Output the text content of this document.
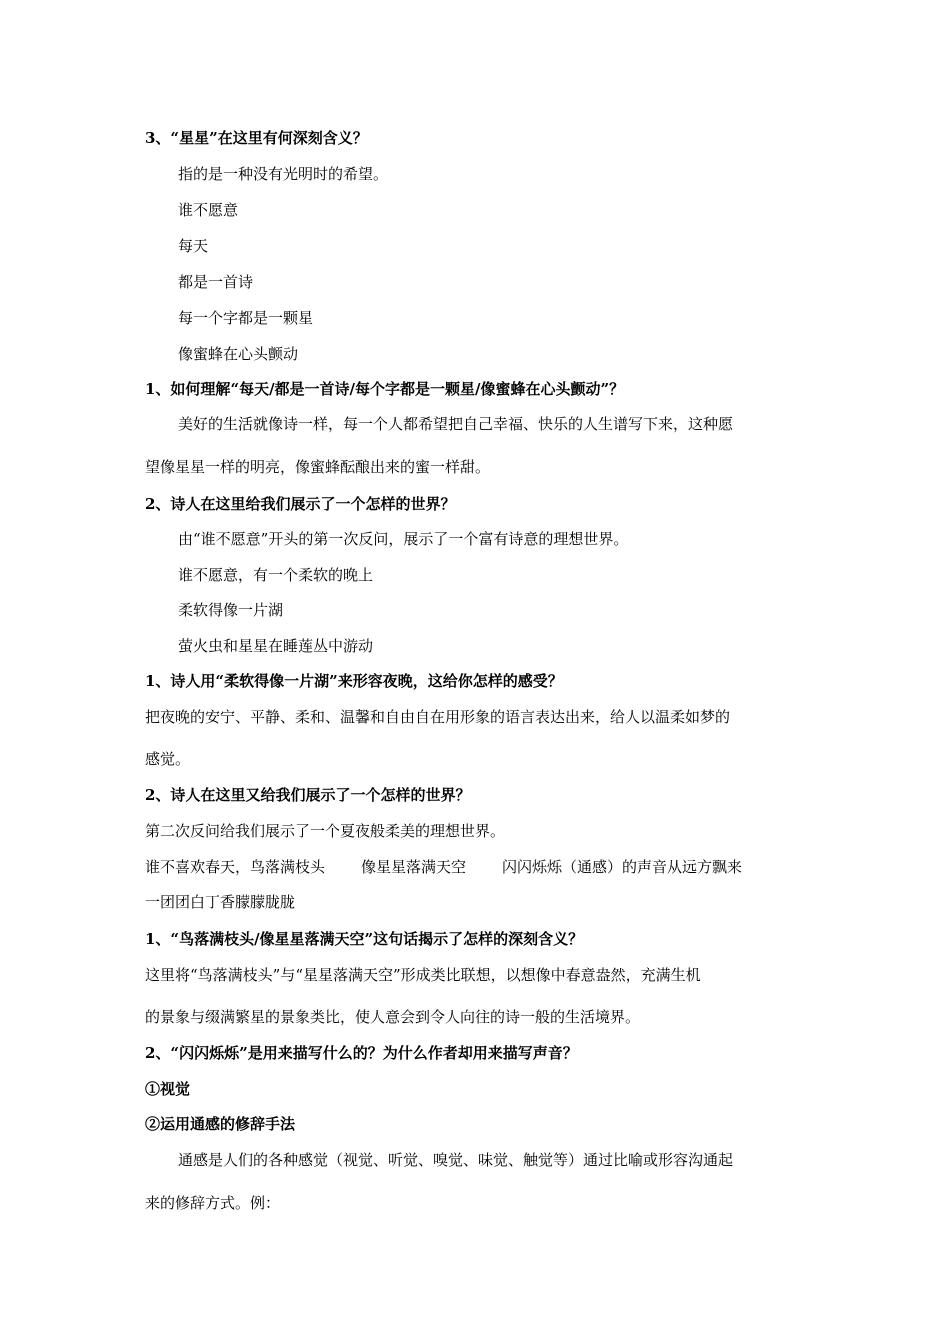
3、“星星”在这里有何深刻含义？
指的是一种没有光明时的希望。
谁不愿意
每天
都是一首诗
每一个字都是一颗星
像蜜蜂在心头颤动
1、如何理解“每天/都是一首诗/每个字都是一颗星/像蜜蜂在心头颤动”？
美好的生活就像诗一样，每一个人都希望把自己幸福、快乐的人生谱写下来，这种愿
望像星星一样的明亮，像蜜蜂酝酿出来的蜜一样甜。
2、诗人在这里给我们展示了一个怎样的世界？
由“谁不愿意”开头的第一次反问，展示了一个富有诗意的理想世界。
谁不愿意，有一个柔软的晚上
柔软得像一片湖
萤火虫和星星在睡莲丛中游动
1、诗人用“柔软得像一片湖”来形容夜晚，这给你怎样的感受？
把夜晚的安宁、平静、柔和、温馨和自由自在用形象的语言表达出来，给人以温柔如梦的
感觉。
2、诗人在这里又给我们展示了一个怎样的世界？
第二次反问给我们展示了一个夏夜般柔美的理想世界。
谁不喜欢春天，鸟落满枝头 像星星落满天空 闪闪烁烁（通感）的声音从远方飘来
一团团白丁香朦朦胧胧
1、“鸟落满枝头/像星星落满天空”这句话揭示了怎样的深刻含义？
这里将“鸟落满枝头”与“星星落满天空”形成类比联想，以想像中春意盎然，充满生机
的景象与缀满繁星的景象类比，使人意会到令人向往的诗一般的生活境界。
2、“闪闪烁烁”是用来描写什么的？为什么作者却用来描写声音？
①视觉
②运用通感的修辞手法
通感是人们的各种感觉（视觉、听觉、嗅觉、味觉、触觉等）通过比喻或形容沟通起
来的修辞方式。例：
